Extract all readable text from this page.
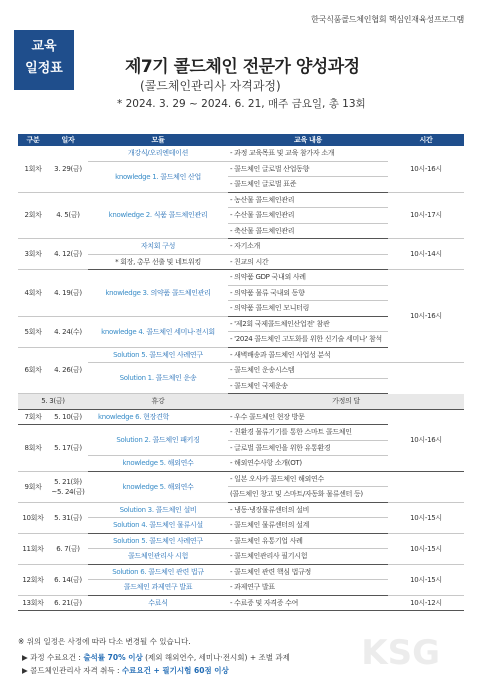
한국식품콜드체인협회 핵심인재육성프로그램
교육
일정표	제7기 콜드체인 전문가 양성과정
(콜드체인관리사 자격과정)
* 2024. 3. 29 ~ 2024. 6. 21, 매주 금요일, 총 13회
구분	일자	모듈	교육 내용	시간	
1회차	3. 29(금)	개강식/오리엔테이션	- 과정 교육목표 및 교육 참가자 소개	10시-16시	
		knowledge 1. 콜드체인 산업	- 콜드체인 글로벌 산업동향		
			- 콜드체인 글로벌 표준		
2회차	4. 5(금)	knowledge 2. 식품 콜드체인관리	- 농산물 콜드체인관리	10시-17시	
			- 수산물 콜드체인관리		
			- 축산물 콜드체인관리		
3회차	4. 12(금)	자치회 구성	- 자기소개	10시-14시	
		* 회장, 총무 선출 및 네트워킹	- 친교의 시간		
4회차	4. 19(금)	knowledge 3. 의약품 콜드체인관리	- 의약품 GDP 국내외 사례	10시-16시	
			- 의약품 물류 국내외 동향		
			- 의약품 콜드체인 모니터링		
5회차	4. 24(수)	knowledge 4. 콜드체인 세미나·전시회	- '제2회 국제콜드체인산업전' 참관		
			- '2024 콜드체인 고도화를 위한 신기술 세미나' 참석		
6회차	4. 26(금)	Solution 5. 콜드체인 사례연구	- 새벽배송과 콜드체인 사업성 분석	
		Solution 1. 콜드체인 운송	- 콜드체인 운송시스템		
			- 콜드체인 국제운송		
5. 3(금)		휴강	가정의 달		
7회차	5. 10(금)	knowledge 6. 현장견학	- 우수 콜드체인 현장 방문	10시-16시	
8회차	5. 17(금)	Solution 2. 콜드체인 패키징	- 친환경 물류기기를 통한 스마트 콜드체인		
			- 글로벌 콜드체인을 위한 유통환경		
		knowledge 5. 해외연수	- 해외연수사항 소개(OT)		
9회차	5. 21(화)
~5. 24(금)	knowledge 5. 해외연수	- 일본 오사카 콜드체인 해외연수		
			(콜드체인 창고 및 스마트/자동화 물류센터 등)		
10회차	5. 31(금)	Solution 3. 콜드체인 설비	- 냉동·냉장물류센터의 설비	10시-15시	
		Solution 4. 콜드체인 물류시설	- 콜드체인 물류센터의 설계		
11회차	6. 7(금)	Solution 5. 콜드체인 사례연구	- 콜드체인 유통기업 사례	10시-15시	
		콜드체인관리사 시험	- 콜드체인관리사 필기시험		
12회차	6. 14(금)	Solution 6. 콜드체인 관련 법규	- 콜드체인 관련 핵심 법규정	10시-15시	
		콜드체인 과제연구 발표	- 과제연구 발표		
13회차	6. 21(금)	수료식	- 수료증 및 자격증 수여	10시-12시	
※ 위의 일정은 사정에 따라 다소 변경될 수 있습니다.
▶ 과정 수료요건 : 출석률 70% 이상 (제외 해외연수, 세미나·전시회) + 조별 과제
▶ 콜드체인관리사 자격 취득 : 수료요건 + 필기시험 60점 이상	KSG
